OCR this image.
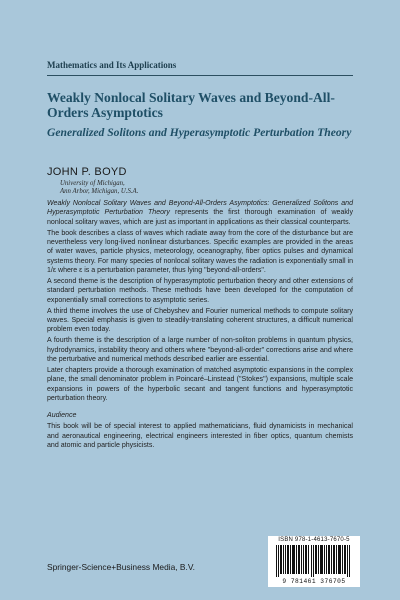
Mathematics and Its Applications
Weakly Nonlocal Solitary Waves and Beyond-All-Orders Asymptotics
Generalized Solitons and Hyperasymptotic Perturbation Theory
JOHN P. BOYD
University of Michigan,
Ann Arbor, Michigan, U.S.A.

Weakly Nonlocal Solitary Waves and Beyond-All-Orders Asymptotics: Generalized Solitons and Hyperasymptotic Perturbation Theory represents the first thorough examination of weakly nonlocal solitary waves, which are just as important in applications as their classical counterparts.

The book describes a class of waves which radiate away from the core of the disturbance but are nevertheless very long-lived nonlinear disturbances. Specific examples are provided in the areas of water waves, particle physics, meteorology, oceanography, fiber optics pulses and dynamical systems theory. For many species of nonlocal solitary waves the radiation is exponentially small in 1/ε where ε is a perturbation parameter, thus lying "beyond-all-orders".

A second theme is the description of hyperasymptotic perturbation theory and other extensions of standard perturbation methods. These methods have been developed for the computation of exponentially small corrections to asymptotic series.

A third theme involves the use of Chebyshev and Fourier numerical methods to compute solitary waves. Special emphasis is given to steadily-translating coherent structures, a difficult numerical problem even today.

A fourth theme is the description of a large number of non-soliton problems in quantum physics, hydrodynamics, instability theory and others where "beyond-all-order" corrections arise and where the perturbative and numerical methods described earlier are essential.

Later chapters provide a thorough examination of matched asymptotic expansions in the complex plane, the small denominator problem in Poincaré–Linstead ("Stokes") expansions, multiple scale expansions in powers of the hyperbolic secant and tangent functions and hyperasymptotic perturbation theory.

Audience

This book will be of special interest to applied mathematicians, fluid dynamicists in mechanical and aeronautical engineering, electrical engineers interested in fiber optics, quantum chemists and atomic and particle physicists.

ISBN 978-1-4613-7670-5
9 781461 376705
Springer-Science+Business Media, B.V.
